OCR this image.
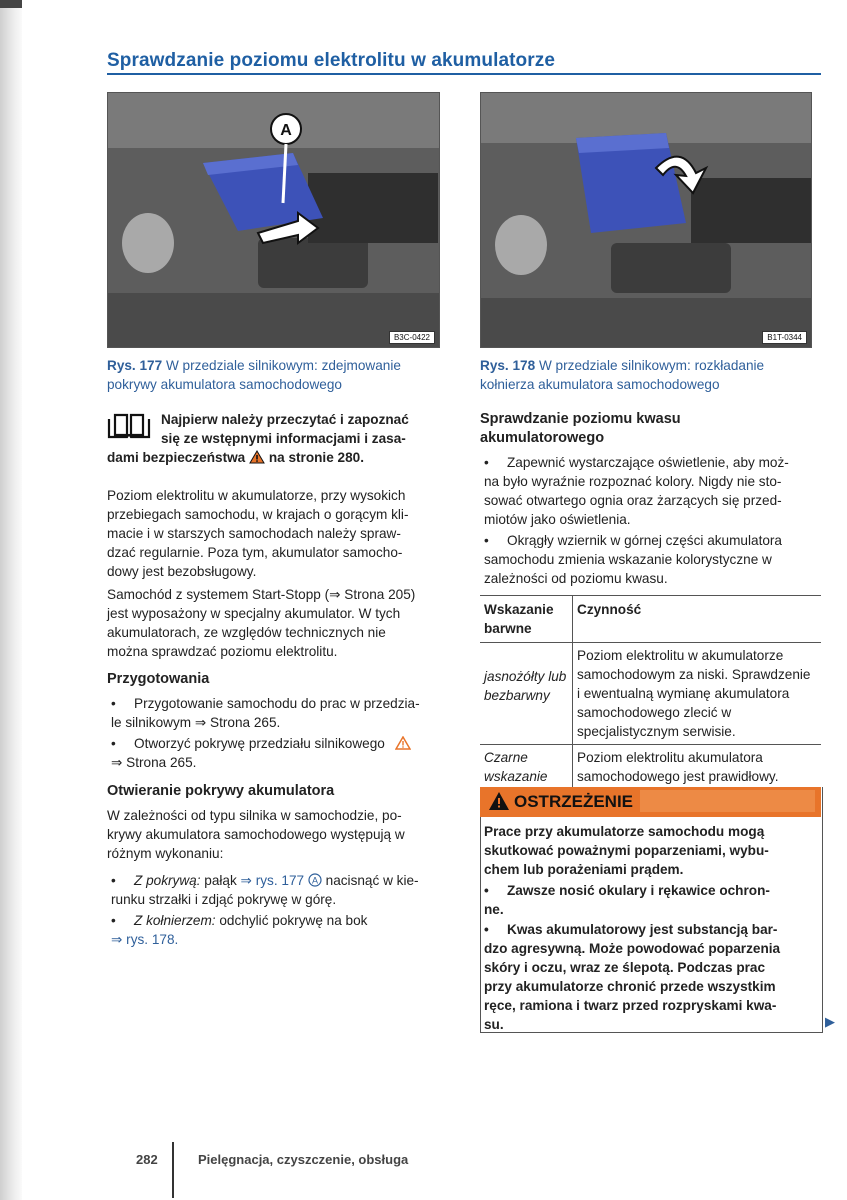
Sprawdzanie poziomu elektrolitu w akumulatorze
A
B3C-0422	B1T-0344
Rys. 177 W przedziale silnikowym: zdejmowanie pokrywy akumulatora samochodowego
Rys. 178 W przedziale silnikowym: rozkładanie kołnierza akumulatora samochodowego

Najpierw należy przeczytać i zapoznać

się ze wstępnymi informacjami i zasa-

dami bezpieczeństwa na stronie 280.

Poziom elektrolitu w akumulatorze, przy wysokich

przebiegach samochodu, w krajach o gorącym kli-

macie i w starszych samochodach należy spraw-

dzać regularnie. Poza tym, akumulator samocho-

dowy jest bezobsługowy.

Samochód z systemem Start-Stopp (⇒ Strona 205)

jest wyposażony w specjalny akumulator. W tych

akumulatorach, ze względów technicznych nie

można sprawdzać poziomu elektrolitu.

Przygotowania
•	Przygotowanie samochodu do prac w przedzia-
le silnikowym ⇒ Strona 265.
•	Otworzyć pokrywę przedziału silnikowego
⇒ Strona 265.
Otwieranie pokrywy akumulatora

W zależności od typu silnika w samochodzie, po-

krywy akumulatora samochodowego występują w

różnym wykonaniu:

•	Z pokrywą: pałąk ⇒ rys. 177 A nacisnąć w kie-
runku strzałki i zdjąć pokrywę w górę.
•	Z kołnierzem: odchylić pokrywę na bok
⇒ rys. 178.
Sprawdzanie poziomu kwasu
akumulatorowego
•	Zapewnić wystarczające oświetlenie, aby moż-
na było wyraźnie rozpoznać kolory. Nigdy nie sto-
sować otwartego ognia oraz żarzących się przed-
miotów jako oświetlenia.
•	Okrągły wziernik w górnej części akumulatora
samochodu zmienia wskazanie kolorystyczne w
zależności od poziomu kwasu.
Wskazanie barwne	Czynność
jasnożółty lub bezbarwny	Poziom elektrolitu w akumulatorze samochodowym za niski. Sprawdzenie i ewentualną wymianę akumulatora samochodowego zlecić w specjalistycznym serwisie.
Czarne wskazanie	Poziom elektrolitu akumulatora samochodowego jest prawidłowy.
OSTRZEŻENIE
Prace przy akumulatorze samochodu mogą
skutkować poważnymi poparzeniami, wybu-
chem lub porażeniami prądem.
•	Zawsze nosić okulary i rękawice ochron-
ne.
•	Kwas akumulatorowy jest substancją bar-
dzo agresywną. Może powodować poparzenia
skóry i oczu, wraz ze ślepotą. Podczas prac
przy akumulatorze chronić przede wszystkim
ręce, ramiona i twarz przed rozpryskami kwa-
su.	▶
282	Pielęgnacja, czyszczenie, obsługa
